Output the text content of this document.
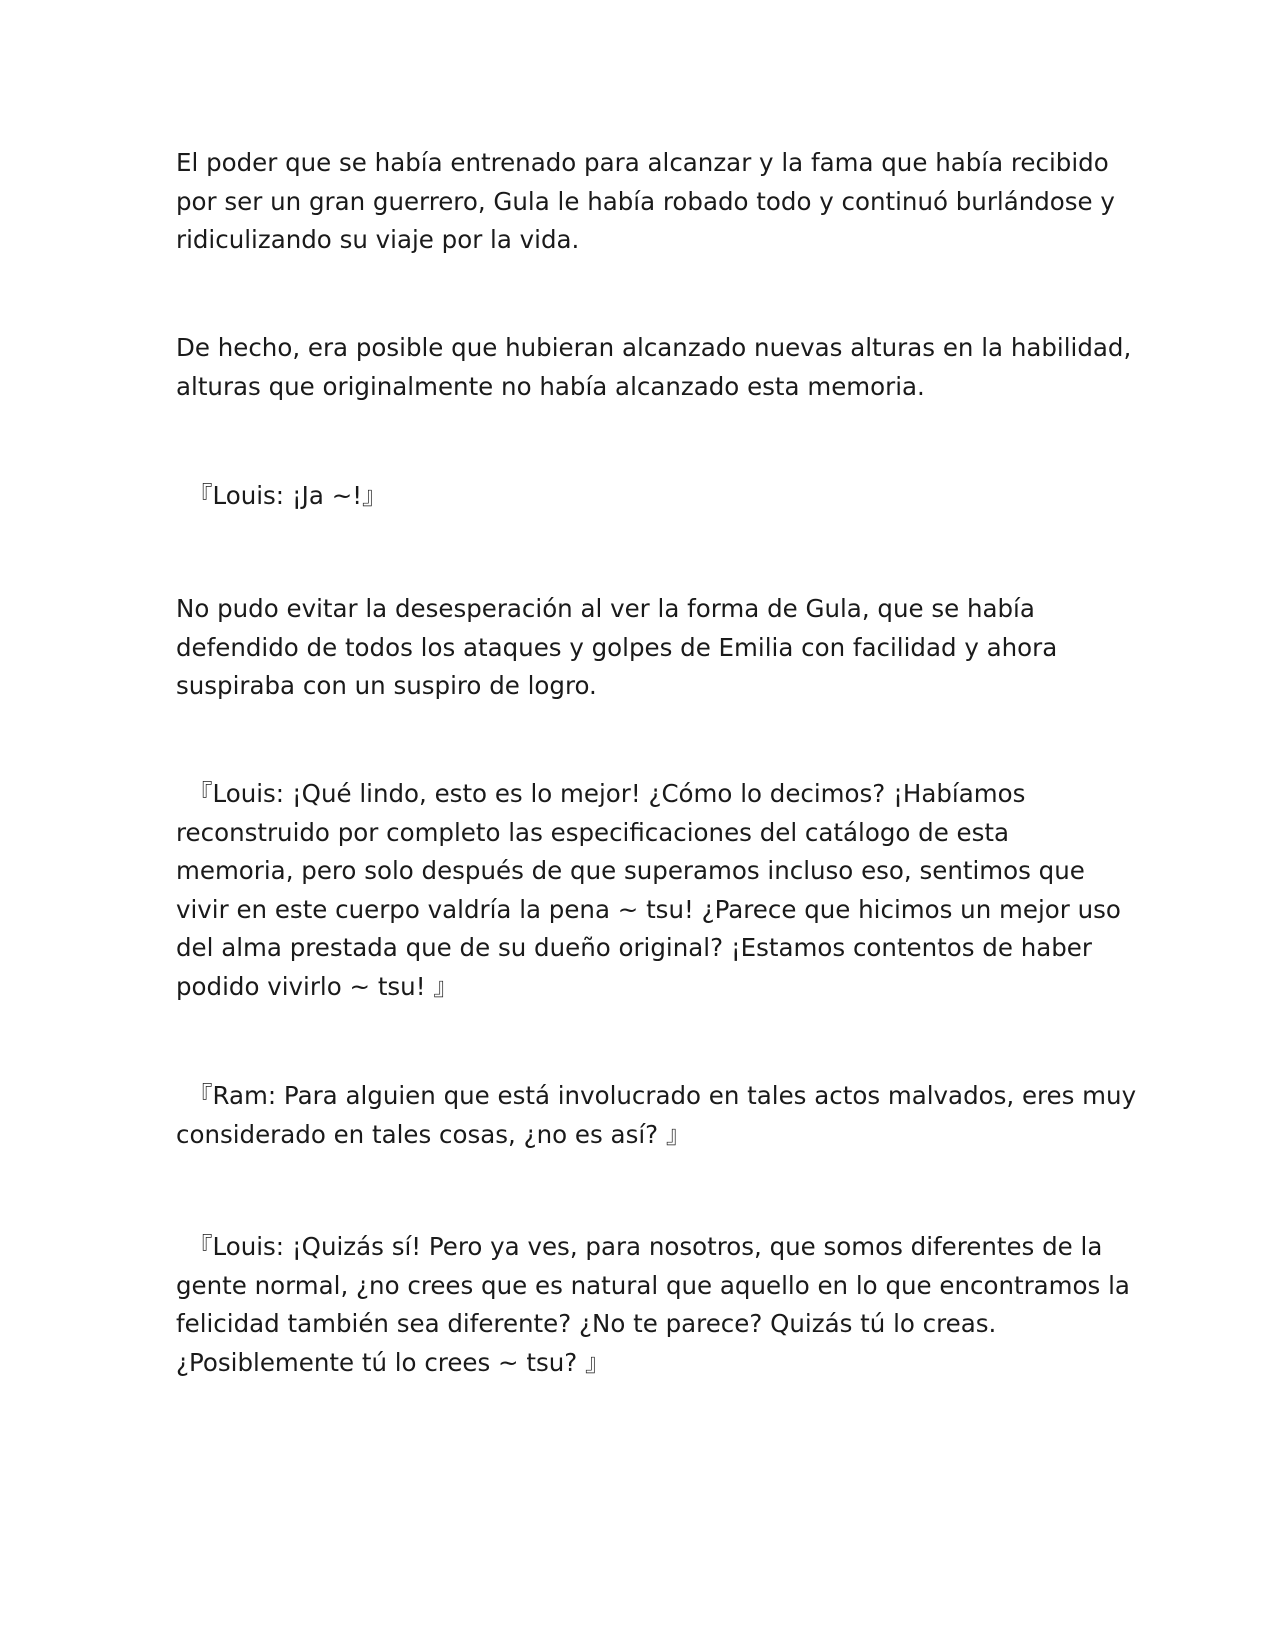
El poder que se había entrenado para alcanzar y la fama que había recibido
por ser un gran guerrero, Gula le había robado todo y continuó burlándose y
ridiculizando su viaje por la vida.

De hecho, era posible que hubieran alcanzado nuevas alturas en la habilidad,
alturas que originalmente no había alcanzado esta memoria.

『Louis: ¡Ja ~!』

No pudo evitar la desesperación al ver la forma de Gula, que se había
defendido de todos los ataques y golpes de Emilia con facilidad y ahora
suspiraba con un suspiro de logro.

『Louis: ¡Qué lindo, esto es lo mejor! ¿Cómo lo decimos? ¡Habíamos
reconstruido por completo las especificaciones del catálogo de esta
memoria, pero solo después de que superamos incluso eso, sentimos que
vivir en este cuerpo valdría la pena ~ tsu! ¿Parece que hicimos un mejor uso
del alma prestada que de su dueño original? ¡Estamos contentos de haber
podido vivirlo ~ tsu! 』

『Ram: Para alguien que está involucrado en tales actos malvados, eres muy
considerado en tales cosas, ¿no es así? 』

『Louis: ¡Quizás sí! Pero ya ves, para nosotros, que somos diferentes de la
gente normal, ¿no crees que es natural que aquello en lo que encontramos la
felicidad también sea diferente? ¿No te parece? Quizás tú lo creas.
¿Posiblemente tú lo crees ~ tsu? 』
